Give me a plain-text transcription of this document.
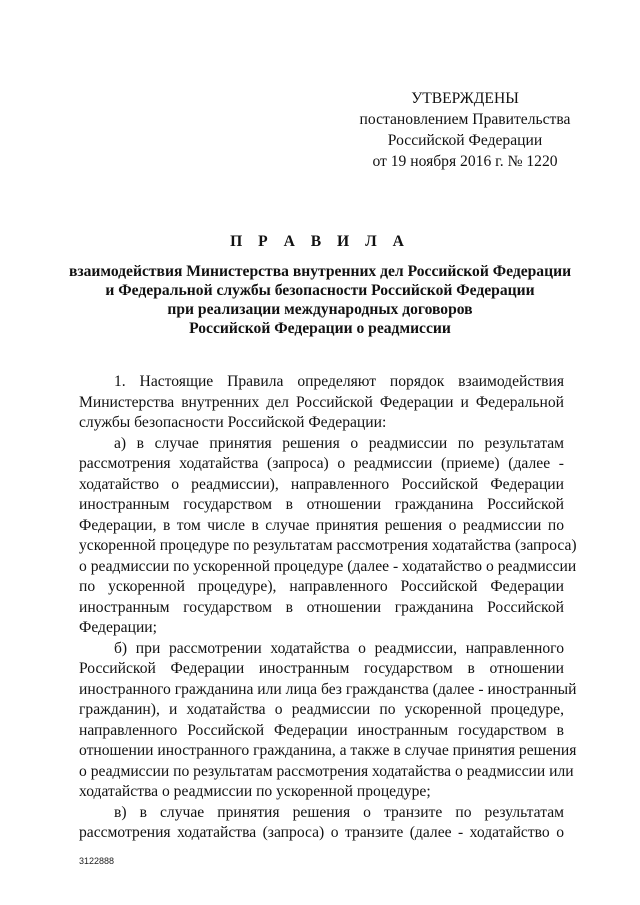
УТВЕРЖДЕНЫ
постановлением Правительства
Российской Федерации
от 19 ноября 2016 г. № 1220
П Р А В И Л А
взаимодействия Министерства внутренних дел Российской Федерации
и Федеральной службы безопасности Российской Федерации
при реализации международных договоров
Российской Федерации о реадмиссии
1. Настоящие Правила определяют порядок взаимодействия
Министерства внутренних дел Российской Федерации и Федеральной
службы безопасности Российской Федерации:
а) в случае принятия решения о реадмиссии по результатам
рассмотрения ходатайства (запроса) о реадмиссии (приеме) (далее -
ходатайство о реадмиссии), направленного Российской Федерации
иностранным государством в отношении гражданина Российской
Федерации, в том числе в случае принятия решения о реадмиссии по
ускоренной процедуре по результатам рассмотрения ходатайства (запроса)
о реадмиссии по ускоренной процедуре (далее - ходатайство о реадмиссии
по ускоренной процедуре), направленного Российской Федерации
иностранным государством в отношении гражданина Российской
Федерации;
б) при рассмотрении ходатайства о реадмиссии, направленного
Российской Федерации иностранным государством в отношении
иностранного гражданина или лица без гражданства (далее - иностранный
гражданин), и ходатайства о реадмиссии по ускоренной процедуре,
направленного Российской Федерации иностранным государством в
отношении иностранного гражданина, а также в случае принятия решения
о реадмиссии по результатам рассмотрения ходатайства о реадмиссии или
ходатайства о реадмиссии по ускоренной процедуре;
в) в случае принятия решения о транзите по результатам
рассмотрения ходатайства (запроса) о транзите (далее - ходатайство о
3122888
